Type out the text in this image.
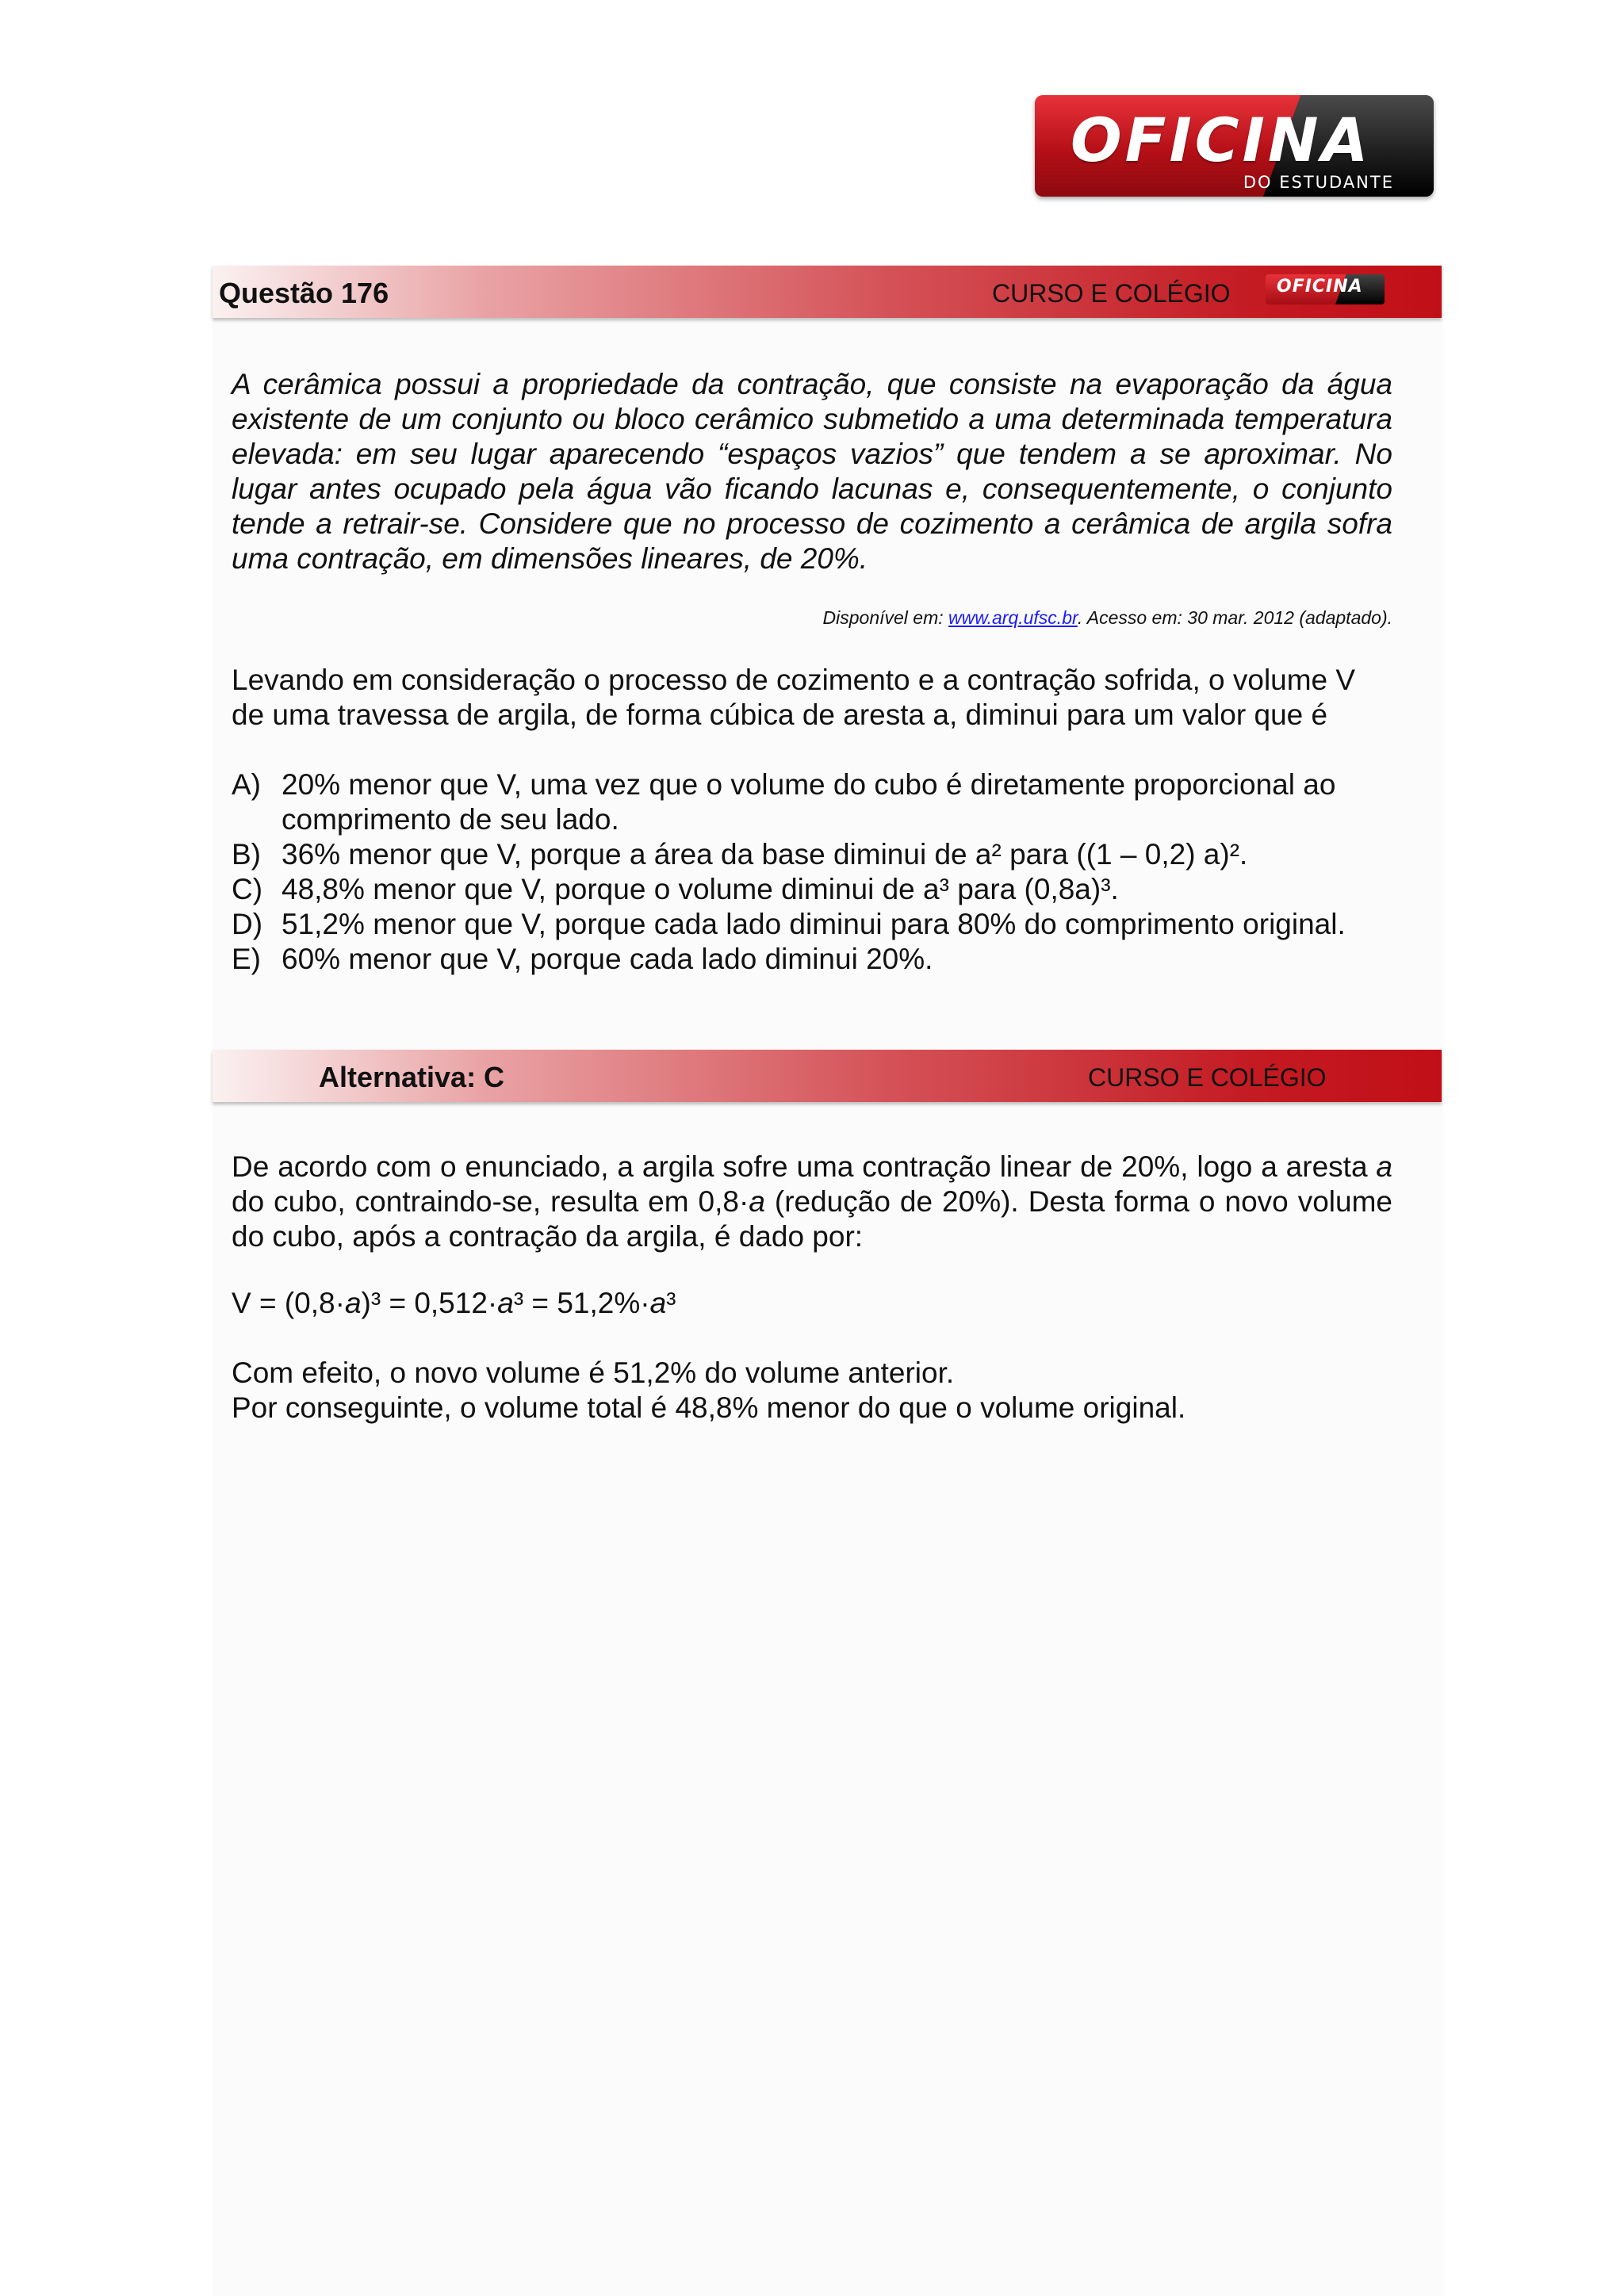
OFICINA
DO ESTUDANTE
Questão 176	CURSO E COLÉGIO	OFICINA
A cerâmica possui a propriedade da contração, que consiste na evaporação da água existente de um conjunto ou bloco cerâmico submetido a uma determinada temperatura elevada: em seu lugar aparecendo “espaços vazios” que tendem a se aproximar. No lugar antes ocupado pela água vão ficando lacunas e, consequentemente, o conjunto tende a retrair-se. Considere que no processo de cozimento a cerâmica de argila sofra uma contração, em dimensões lineares, de 20%.
Disponível em: www.arq.ufsc.br. Acesso em: 30 mar. 2012 (adaptado).
Levando em consideração o processo de cozimento e a contração sofrida, o volume V de uma travessa de argila, de forma cúbica de aresta a, diminui para um valor que é
A) 20% menor que V, uma vez que o volume do cubo é diretamente proporcional ao comprimento de seu lado.
B) 36% menor que V, porque a área da base diminui de a² para ((1 – 0,2) a)².
C) 48,8% menor que V, porque o volume diminui de a³ para (0,8a)³.
D) 51,2% menor que V, porque cada lado diminui para 80% do comprimento original.
E) 60% menor que V, porque cada lado diminui 20%.
Alternativa: C	CURSO E COLÉGIO
De acordo com o enunciado, a argila sofre uma contração linear de 20%, logo a aresta a do cubo, contraindo-se, resulta em 0,8·a (redução de 20%). Desta forma o novo volume do cubo, após a contração da argila, é dado por:
V = (0,8·a)³ = 0,512·a³ = 51,2%·a³
Com efeito, o novo volume é 51,2% do volume anterior.
Por conseguinte, o volume total é 48,8% menor do que o volume original.
